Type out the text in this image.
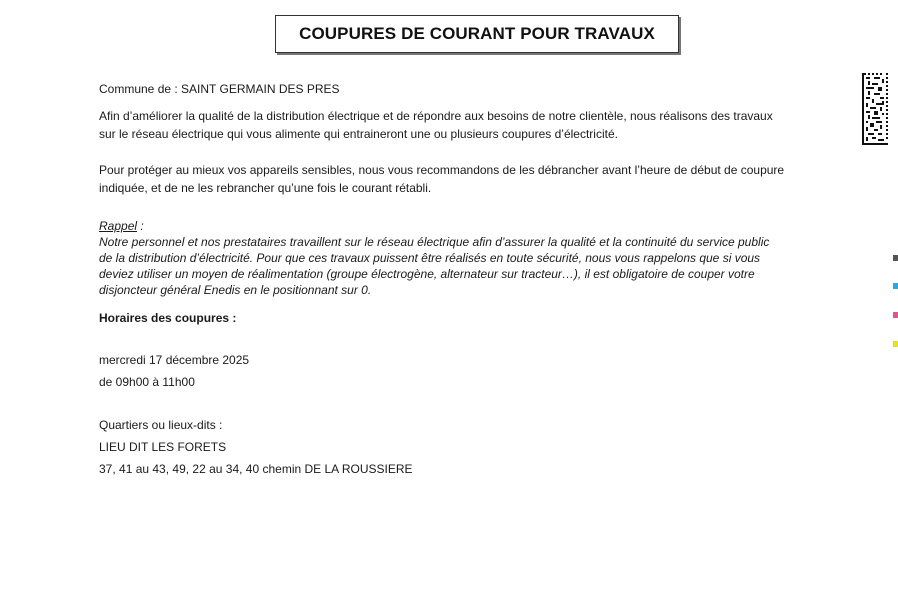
COUPURES DE COURANT POUR TRAVAUX
Commune de : SAINT GERMAIN DES PRES
Afin d’améliorer la qualité de la distribution électrique et de répondre aux besoins de notre clientèle, nous réalisons des travaux
sur le réseau électrique qui vous alimente qui entraineront une ou plusieurs coupures d’électricité.
Pour protéger au mieux vos appareils sensibles, nous vous recommandons de les débrancher avant l’heure de début de coupure
indiquée, et de ne les rebrancher qu’une fois le courant rétabli.
Rappel :
Notre personnel et nos prestataires travaillent sur le réseau électrique afin d’assurer la qualité et la continuité du service public
de la distribution d’électricité. Pour que ces travaux puissent être réalisés en toute sécurité, nous vous rappelons que si vous
deviez utiliser un moyen de réalimentation (groupe électrogène, alternateur sur tracteur…), il est obligatoire de couper votre
disjoncteur général Enedis en le positionnant sur 0.
Horaires des coupures :
mercredi 17 décembre 2025
de 09h00 à 11h00
Quartiers ou lieux-dits :
LIEU DIT LES FORETS
37, 41 au 43, 49, 22 au 34, 40 chemin DE LA ROUSSIERE
